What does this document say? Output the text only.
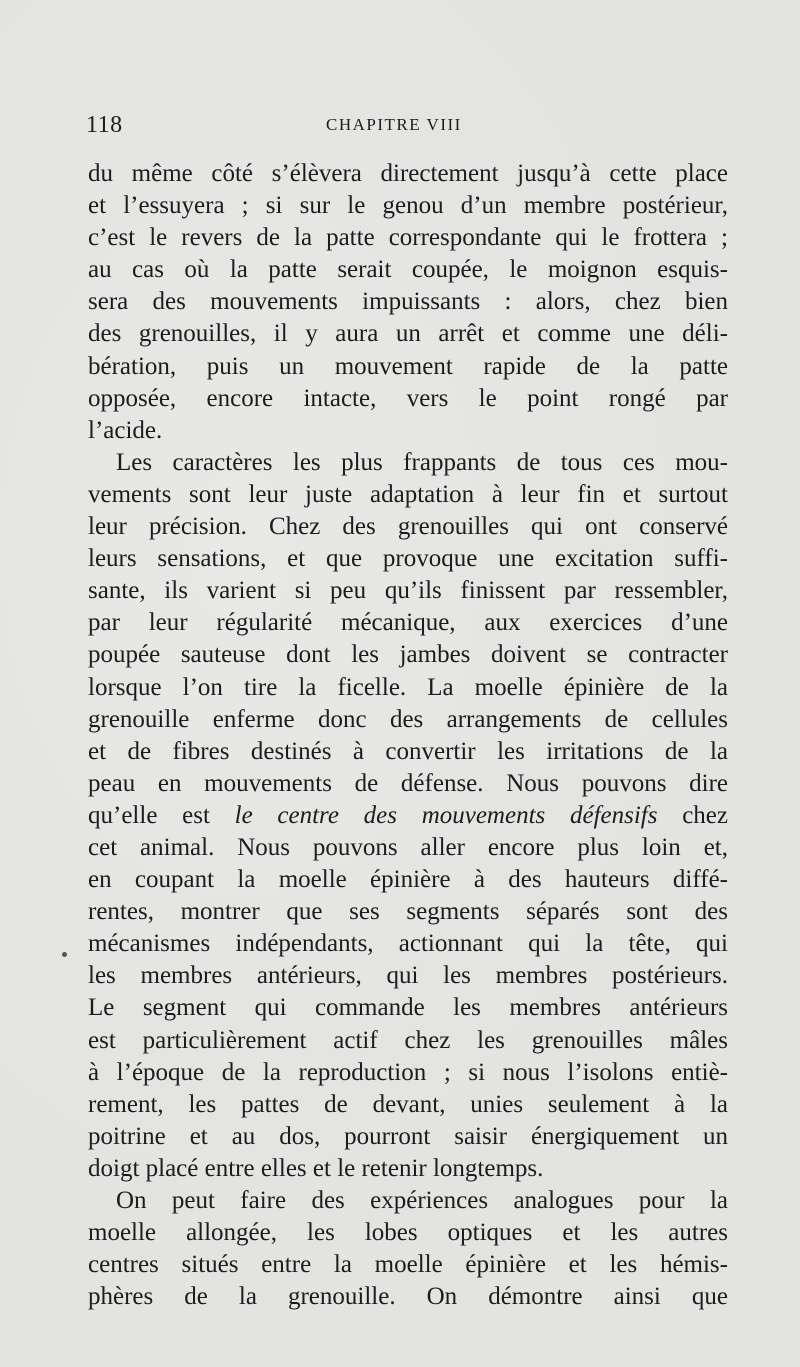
118	CHAPITRE VIII
du même côté s’élèvera directement jusqu’à cette place
et l’essuyera ; si sur le genou d’un membre postérieur,
c’est le revers de la patte correspondante qui le frottera ;
au cas où la patte serait coupée, le moignon esquis-
sera des mouvements impuissants : alors, chez bien
des grenouilles, il y aura un arrêt et comme une déli-
bération, puis un mouvement rapide de la patte
opposée, encore intacte, vers le point rongé par
l’acide.
Les caractères les plus frappants de tous ces mou-
vements sont leur juste adaptation à leur fin et surtout
leur précision. Chez des grenouilles qui ont conservé
leurs sensations, et que provoque une excitation suffi-
sante, ils varient si peu qu’ils finissent par ressembler,
par leur régularité mécanique, aux exercices d’une
poupée sauteuse dont les jambes doivent se contracter
lorsque l’on tire la ficelle. La moelle épinière de la
grenouille enferme donc des arrangements de cellules
et de fibres destinés à convertir les irritations de la
peau en mouvements de défense. Nous pouvons dire
qu’elle est le centre des mouvements défensifs chez
cet animal. Nous pouvons aller encore plus loin et,
en coupant la moelle épinière à des hauteurs diffé-
rentes, montrer que ses segments séparés sont des
mécanismes indépendants, actionnant qui la tête, qui
les membres antérieurs, qui les membres postérieurs.
Le segment qui commande les membres antérieurs
est particulièrement actif chez les grenouilles mâles
à l’époque de la reproduction ; si nous l’isolons entiè-
rement, les pattes de devant, unies seulement à la
poitrine et au dos, pourront saisir énergiquement un
doigt placé entre elles et le retenir longtemps.
On peut faire des expériences analogues pour la
moelle allongée, les lobes optiques et les autres
centres situés entre la moelle épinière et les hémis-
phères de la grenouille. On démontre ainsi que
